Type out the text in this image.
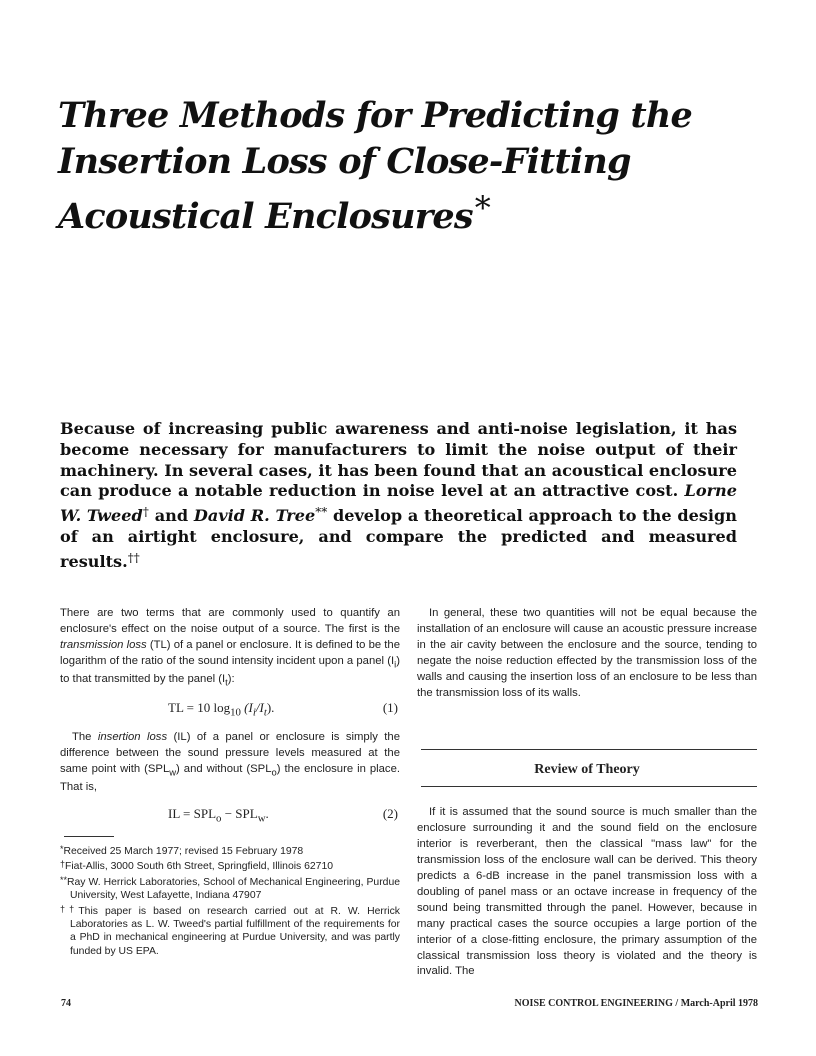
Three Methods for Predicting the
Insertion Loss of Close-Fitting
Acoustical Enclosures*
Because of increasing public awareness and anti-noise legislation, it has become necessary for manufacturers to limit the noise output of their machinery. In several cases, it has been found that an acoustical enclosure can produce a notable reduction in noise level at an attractive cost. Lorne W. Tweed† and David R. Tree** develop a theoretical approach to the design of an airtight enclosure, and compare the predicted and measured results.††

There are two terms that are commonly used to quantify an enclosure's effect on the noise output of a source. The first is the transmission loss (TL) of a panel or enclosure. It is defined to be the logarithm of the ratio of the sound intensity incident upon a panel $(I_i)$ to that transmitted by the panel $(I_t)$:

TL = 10 $\log_{10} (I_i/I_t)$.	(1)

The insertion loss (IL) of a panel or enclosure is simply the difference between the sound pressure levels measured at the same point with $(SPL_w)$ and without $(SPL_o)$ the enclosure in place. That is,

IL = $SPL_o - SPL_w$.	(2)

*Received 25 March 1977; revised 15 February 1978

†Fiat-Allis, 3000 South 6th Street, Springfield, Illinois 62710

**Ray W. Herrick Laboratories, School of Mechanical Engineering, Purdue University, West Lafayette, Indiana 47907

††This paper is based on research carried out at R. W. Herrick Laboratories as L. W. Tweed's partial fulfillment of the requirements for a PhD in mechanical engineering at Purdue University, and was partly funded by US EPA.

In general, these two quantities will not be equal because the installation of an enclosure will cause an acoustic pressure increase in the air cavity between the enclosure and the source, tending to negate the noise reduction effected by the transmission loss of the walls and causing the insertion loss of an enclosure to be less than the transmission loss of its walls.

Review of Theory

If it is assumed that the sound source is much smaller than the enclosure surrounding it and the sound field on the enclosure interior is reverberant, then the classical "mass law" for the transmission loss of the enclosure wall can be derived. This theory predicts a 6-dB increase in the panel transmission loss with a doubling of panel mass or an octave increase in frequency of the sound being transmitted through the panel. However, because in many practical cases the source occupies a large portion of the interior of a close-fitting enclosure, the primary assumption of the classical transmission loss theory is violated and the theory is invalid. The

74	NOISE CONTROL ENGINEERING / March-April 1978
